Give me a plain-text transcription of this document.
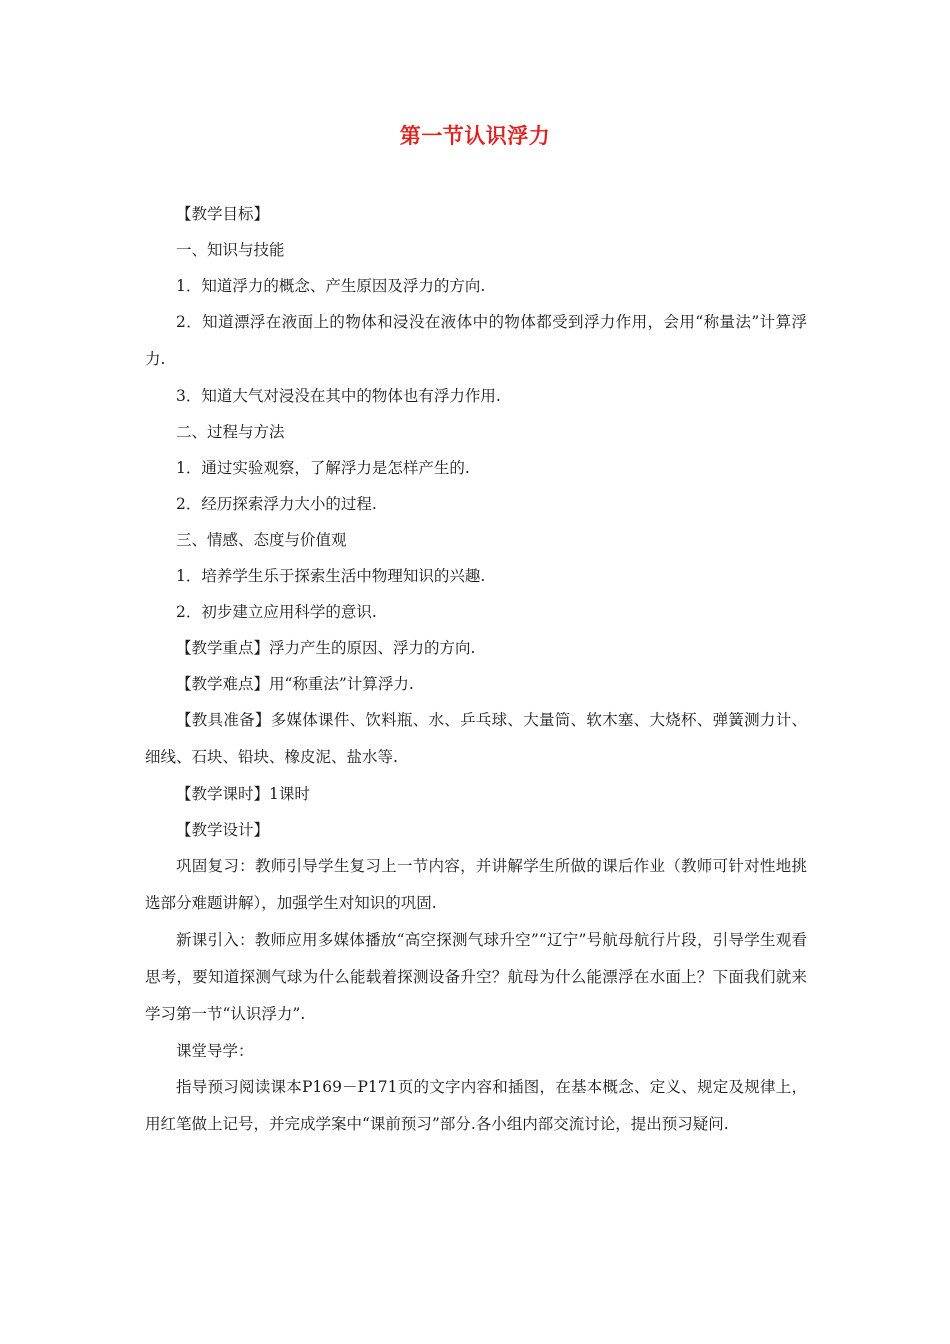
第一节认识浮力

【教学目标】

一、知识与技能

1．知道浮力的概念、产生原因及浮力的方向.

2．知道漂浮在液面上的物体和浸没在液体中的物体都受到浮力作用，会用“称量法”计算浮力.

3．知道大气对浸没在其中的物体也有浮力作用.

二、过程与方法

1．通过实验观察，了解浮力是怎样产生的.

2．经历探索浮力大小的过程.

三、情感、态度与价值观

1．培养学生乐于探索生活中物理知识的兴趣.

2．初步建立应用科学的意识.

【教学重点】浮力产生的原因、浮力的方向.

【教学难点】用“称重法”计算浮力.

【教具准备】多媒体课件、饮料瓶、水、乒乓球、大量筒、软木塞、大烧杯、弹簧测力计、细线、石块、铅块、橡皮泥、盐水等.

【教学课时】1课时

【教学设计】

巩固复习：教师引导学生复习上一节内容，并讲解学生所做的课后作业（教师可针对性地挑选部分难题讲解），加强学生对知识的巩固.

新课引入：教师应用多媒体播放“高空探测气球升空”“辽宁”号航母航行片段，引导学生观看思考，要知道探测气球为什么能载着探测设备升空？航母为什么能漂浮在水面上？下面我们就来学习第一节“认识浮力”.

课堂导学：

指导预习阅读课本P169－P171页的文字内容和插图，在基本概念、定义、规定及规律上，用红笔做上记号，并完成学案中“课前预习”部分.各小组内部交流讨论，提出预习疑问.
